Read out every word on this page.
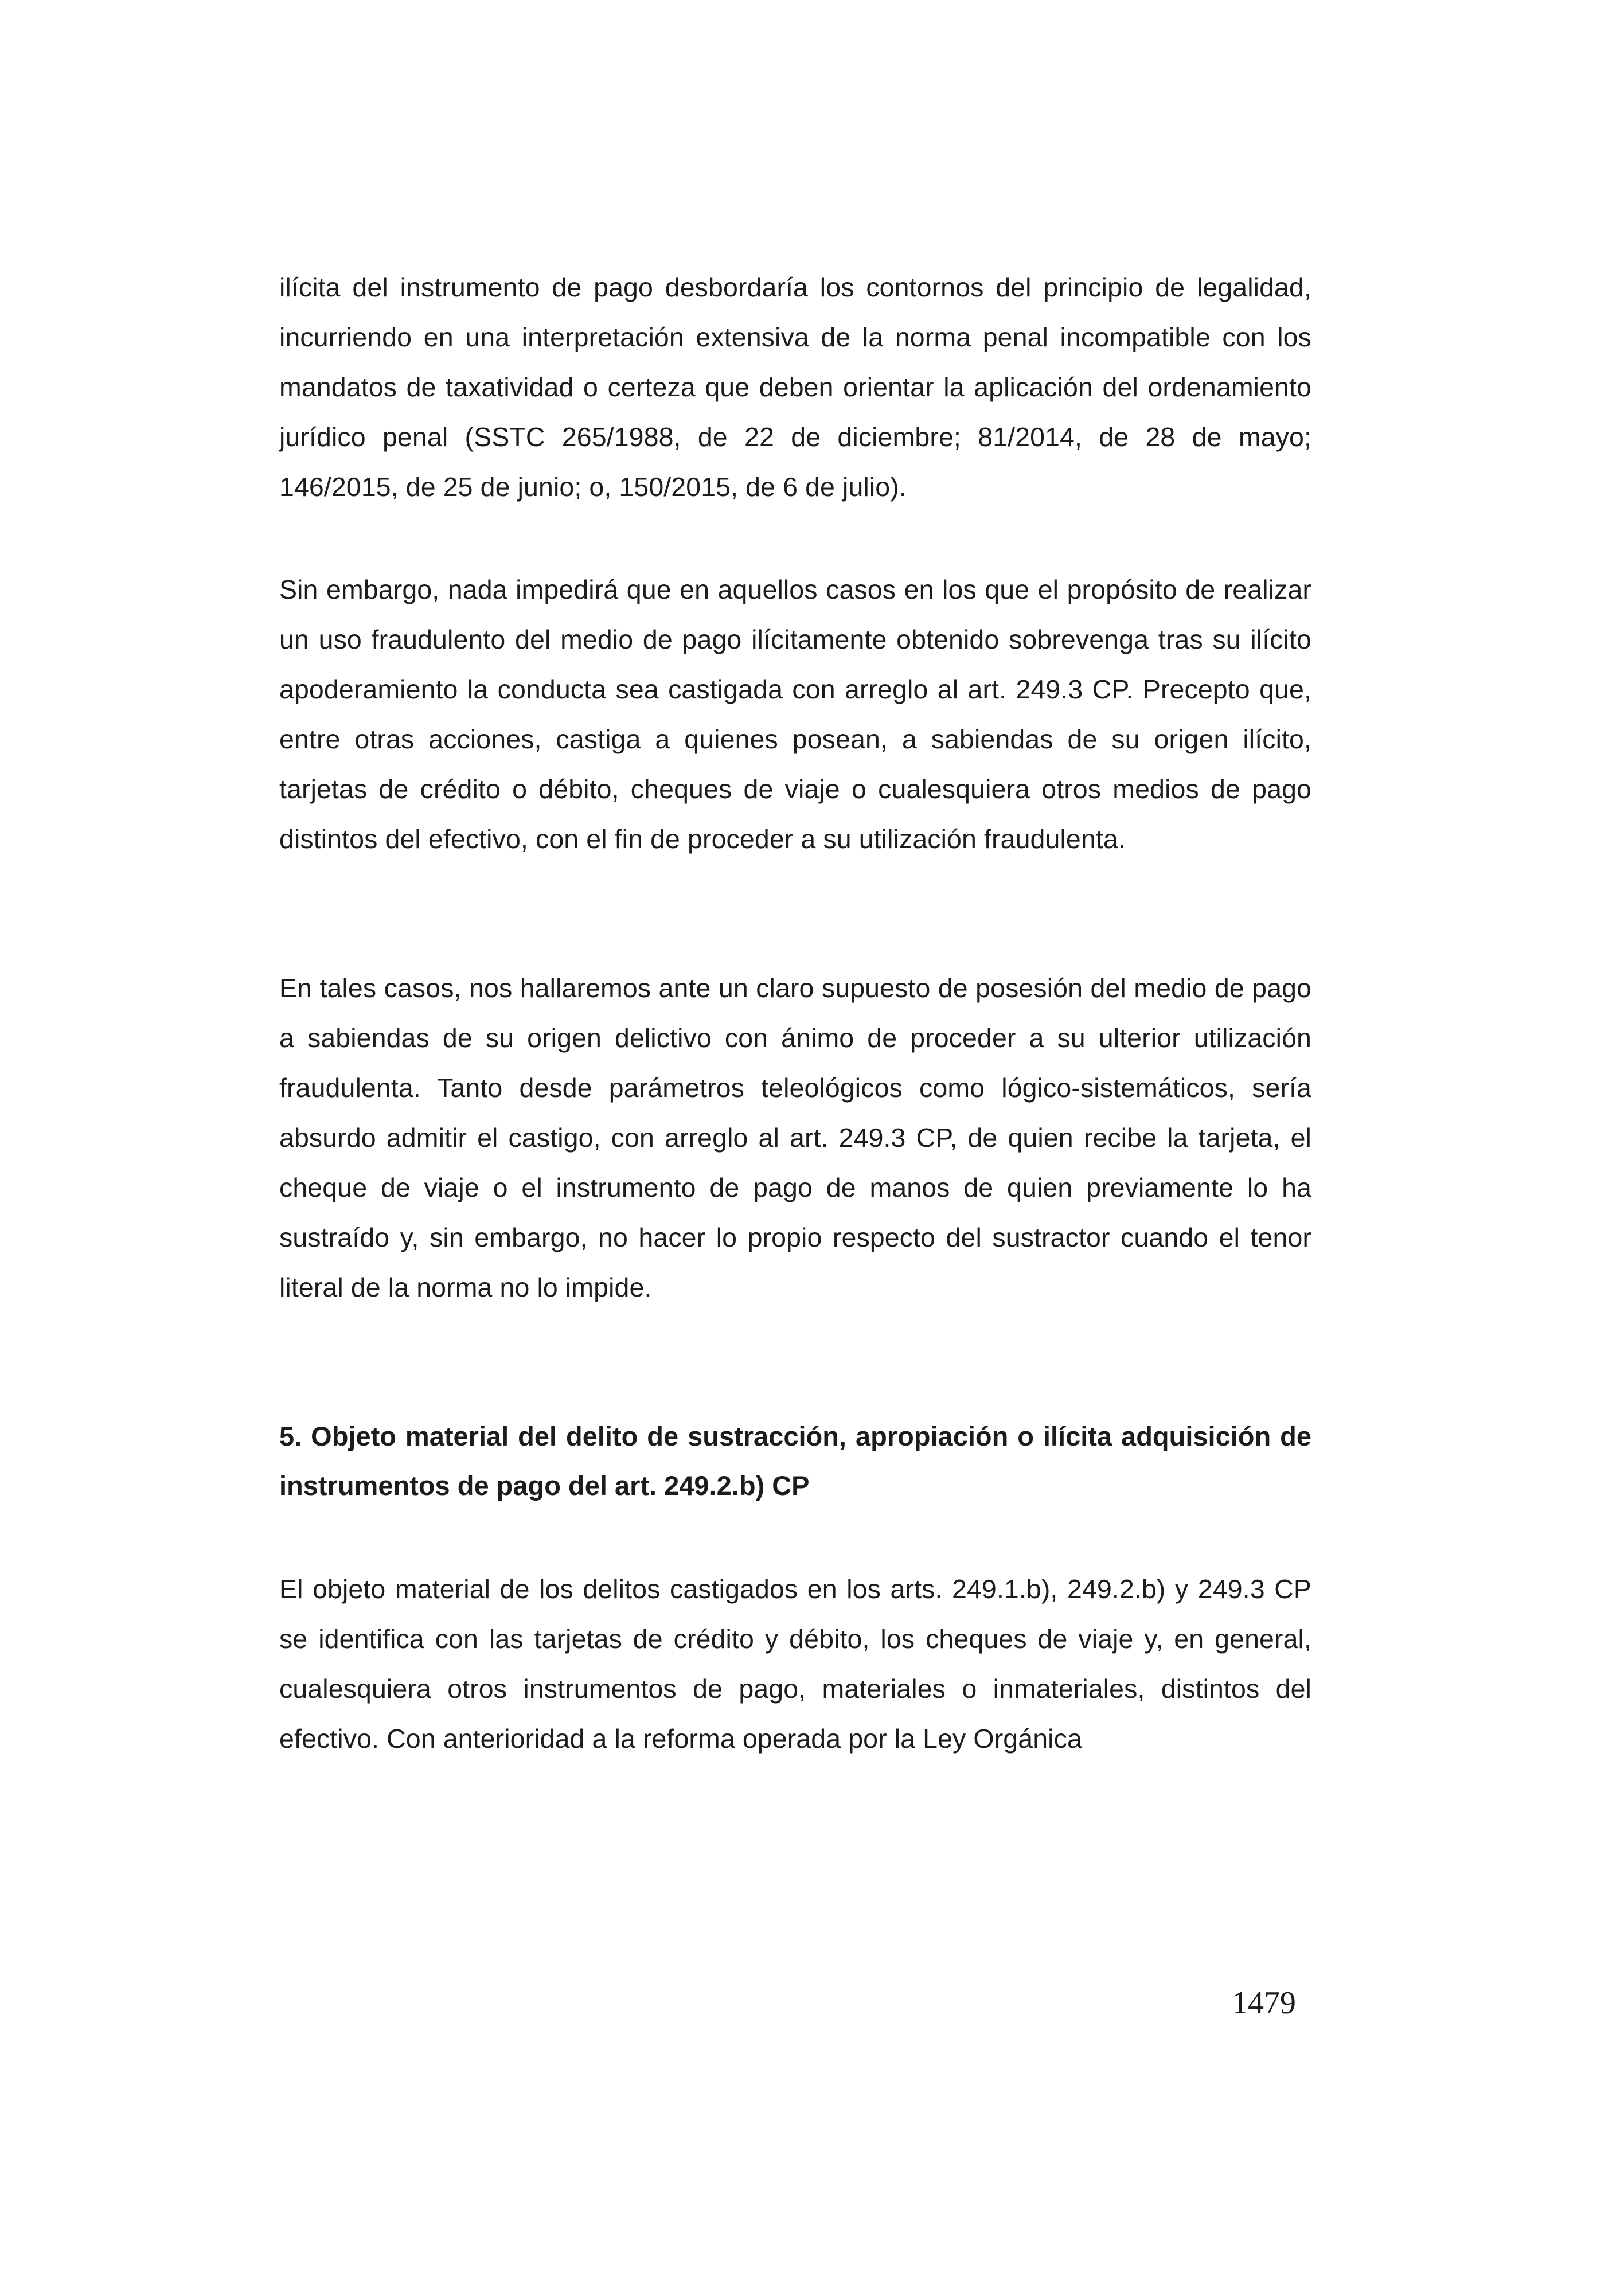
ilícita del instrumento de pago desbordaría los contornos del principio de legalidad, incurriendo en una interpretación extensiva de la norma penal incompatible con los mandatos de taxatividad o certeza que deben orientar la aplicación del ordenamiento jurídico penal (SSTC 265/1988, de 22 de diciembre; 81/2014, de 28 de mayo; 146/2015, de 25 de junio; o, 150/2015, de 6 de julio).

Sin embargo, nada impedirá que en aquellos casos en los que el propósito de realizar un uso fraudulento del medio de pago ilícitamente obtenido sobrevenga tras su ilícito apoderamiento la conducta sea castigada con arreglo al art. 249.3 CP. Precepto que, entre otras acciones, castiga a quienes posean, a sabiendas de su origen ilícito, tarjetas de crédito o débito, cheques de viaje o cualesquiera otros medios de pago distintos del efectivo, con el fin de proceder a su utilización fraudulenta.

En tales casos, nos hallaremos ante un claro supuesto de posesión del medio de pago a sabiendas de su origen delictivo con ánimo de proceder a su ulterior utilización fraudulenta. Tanto desde parámetros teleológicos como lógico-sistemáticos, sería absurdo admitir el castigo, con arreglo al art. 249.3 CP, de quien recibe la tarjeta, el cheque de viaje o el instrumento de pago de manos de quien previamente lo ha sustraído y, sin embargo, no hacer lo propio respecto del sustractor cuando el tenor literal de la norma no lo impide.

5. Objeto material del delito de sustracción, apropiación o ilícita adquisición de instrumentos de pago del art. 249.2.b) CP

El objeto material de los delitos castigados en los arts. 249.1.b), 249.2.b) y 249.3 CP se identifica con las tarjetas de crédito y débito, los cheques de viaje y, en general, cualesquiera otros instrumentos de pago, materiales o inmateriales, distintos del efectivo. Con anterioridad a la reforma operada por la Ley Orgánica

1479
